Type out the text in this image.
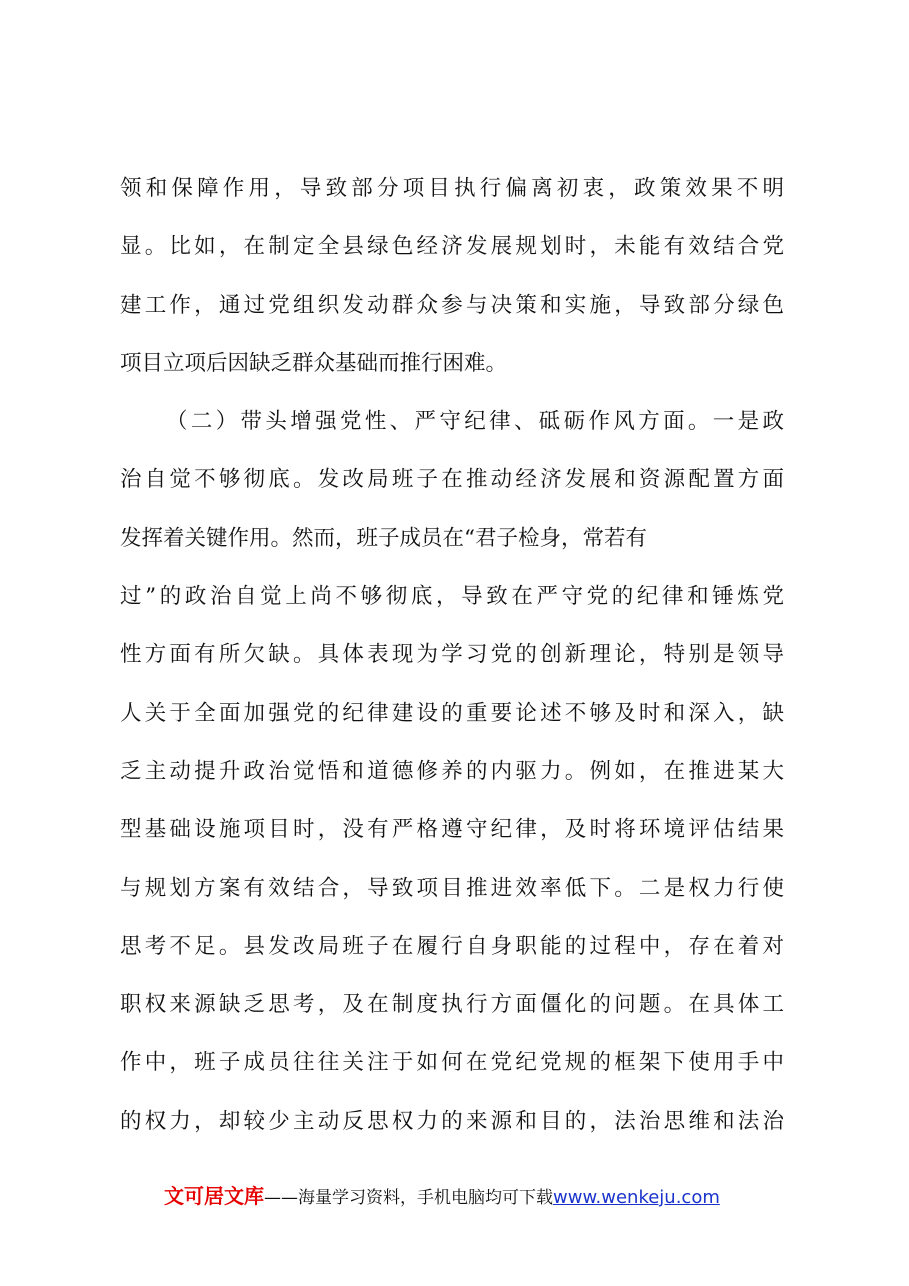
领和保障作用，导致部分项目执行偏离初衷，政策效果不明
显。比如，在制定全县绿色经济发展规划时，未能有效结合党
建工作，通过党组织发动群众参与决策和实施，导致部分绿色
项目立项后因缺乏群众基础而推行困难。
（二）带头增强党性、严守纪律、砥砺作风方面。一是政
治自觉不够彻底。发改局班子在推动经济发展和资源配置方面
发挥着关键作用。然而，班子成员在“君子检身，常若有
过”的政治自觉上尚不够彻底，导致在严守党的纪律和锤炼党
性方面有所欠缺。具体表现为学习党的创新理论，特别是领导
人关于全面加强党的纪律建设的重要论述不够及时和深入，缺
乏主动提升政治觉悟和道德修养的内驱力。例如，在推进某大
型基础设施项目时，没有严格遵守纪律，及时将环境评估结果
与规划方案有效结合，导致项目推进效率低下。二是权力行使
思考不足。县发改局班子在履行自身职能的过程中，存在着对
职权来源缺乏思考，及在制度执行方面僵化的问题。在具体工
作中，班子成员往往关注于如何在党纪党规的框架下使用手中
的权力，却较少主动反思权力的来源和目的，法治思维和法治
文可居文库——海量学习资料，手机电脑均可下载www.wenkeju.com
